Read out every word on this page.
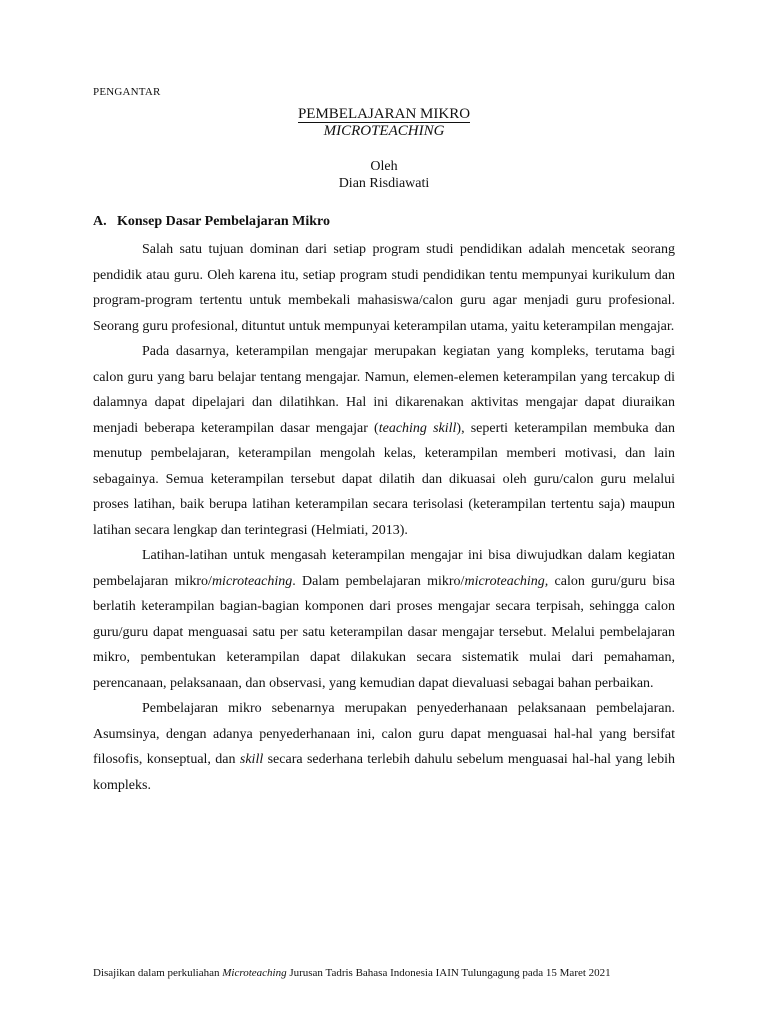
PENGANTAR
PEMBELAJARAN MIKRO
MICROTEACHING
Oleh
Dian Risdiawati
A. Konsep Dasar Pembelajaran Mikro

Salah satu tujuan dominan dari setiap program studi pendidikan adalah mencetak seorang pendidik atau guru. Oleh karena itu, setiap program studi pendidikan tentu mempunyai kurikulum dan program-program tertentu untuk membekali mahasiswa/calon guru agar menjadi guru profesional. Seorang guru profesional, dituntut untuk mempunyai keterampilan utama, yaitu keterampilan mengajar.

Pada dasarnya, keterampilan mengajar merupakan kegiatan yang kompleks, terutama bagi calon guru yang baru belajar tentang mengajar. Namun, elemen-elemen keterampilan yang tercakup di dalamnya dapat dipelajari dan dilatihkan. Hal ini dikarenakan aktivitas mengajar dapat diuraikan menjadi beberapa keterampilan dasar mengajar (teaching skill), seperti keterampilan membuka dan menutup pembelajaran, keterampilan mengolah kelas, keterampilan memberi motivasi, dan lain sebagainya. Semua keterampilan tersebut dapat dilatih dan dikuasai oleh guru/calon guru melalui proses latihan, baik berupa latihan keterampilan secara terisolasi (keterampilan tertentu saja) maupun latihan secara lengkap dan terintegrasi (Helmiati, 2013).

Latihan-latihan untuk mengasah keterampilan mengajar ini bisa diwujudkan dalam kegiatan pembelajaran mikro/microteaching. Dalam pembelajaran mikro/microteaching, calon guru/guru bisa berlatih keterampilan bagian-bagian komponen dari proses mengajar secara terpisah, sehingga calon guru/guru dapat menguasai satu per satu keterampilan dasar mengajar tersebut. Melalui pembelajaran mikro, pembentukan keterampilan dapat dilakukan secara sistematik mulai dari pemahaman, perencanaan, pelaksanaan, dan observasi, yang kemudian dapat dievaluasi sebagai bahan perbaikan.

Pembelajaran mikro sebenarnya merupakan penyederhanaan pelaksanaan pembelajaran. Asumsinya, dengan adanya penyederhanaan ini, calon guru dapat menguasai hal-hal yang bersifat filosofis, konseptual, dan skill secara sederhana terlebih dahulu sebelum menguasai hal-hal yang lebih kompleks.

Disajikan dalam perkuliahan Microteaching Jurusan Tadris Bahasa Indonesia IAIN Tulungagung pada 15 Maret 2021
